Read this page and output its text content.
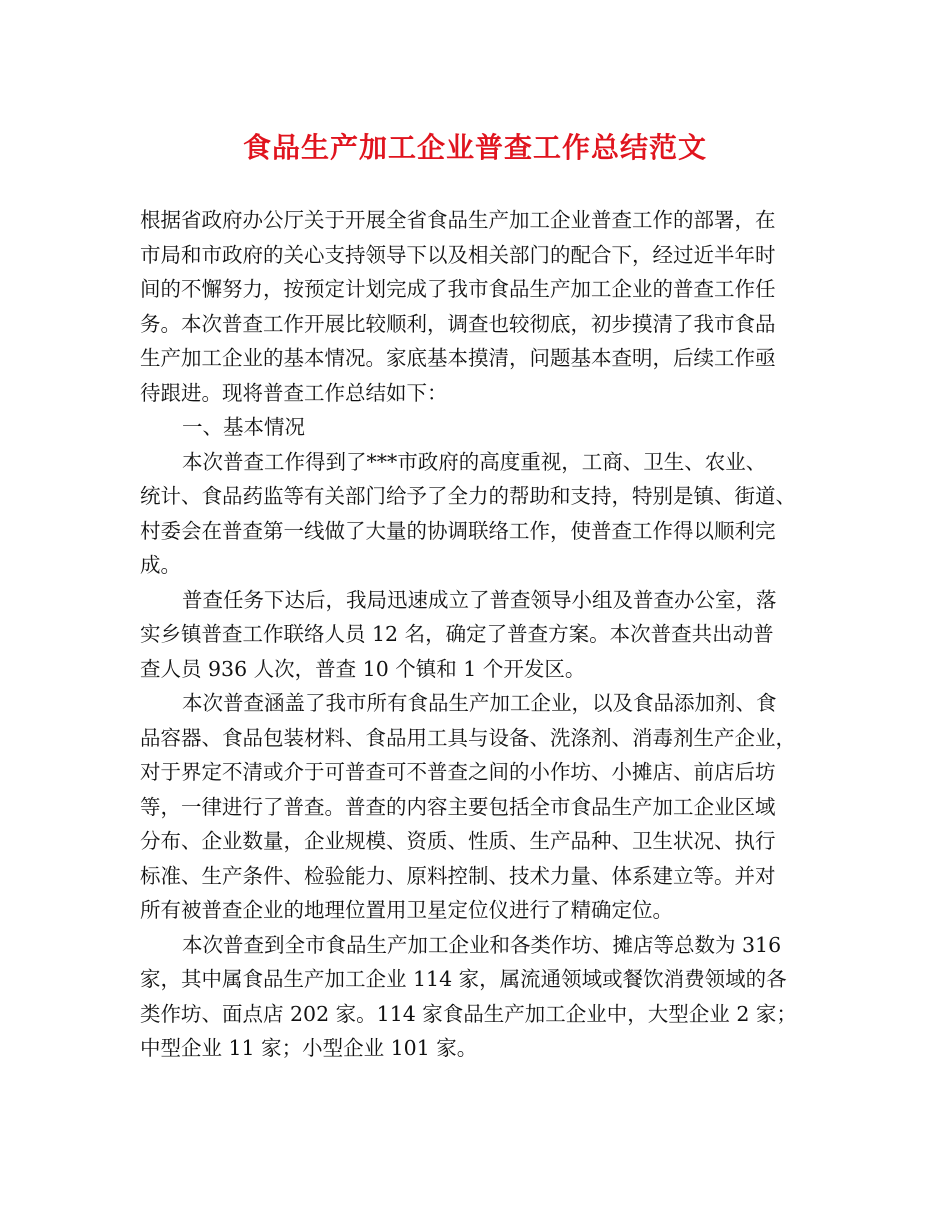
食品生产加工企业普查工作总结范文
根据省政府办公厅关于开展全省食品生产加工企业普查工作的部署，在
市局和市政府的关心支持领导下以及相关部门的配合下，经过近半年时
间的不懈努力，按预定计划完成了我市食品生产加工企业的普查工作任
务。本次普查工作开展比较顺利，调查也较彻底，初步摸清了我市食品
生产加工企业的基本情况。家底基本摸清，问题基本查明，后续工作亟
待跟进。现将普查工作总结如下：
一、基本情况
本次普查工作得到了***市政府的高度重视，工商、卫生、农业、
统计、食品药监等有关部门给予了全力的帮助和支持，特别是镇、街道、
村委会在普查第一线做了大量的协调联络工作，使普查工作得以顺利完
成。
普查任务下达后，我局迅速成立了普查领导小组及普查办公室，落
实乡镇普查工作联络人员 12 名，确定了普查方案。本次普查共出动普
查人员 936 人次，普查 10 个镇和 1 个开发区。
本次普查涵盖了我市所有食品生产加工企业，以及食品添加剂、食
品容器、食品包装材料、食品用工具与设备、洗涤剂、消毒剂生产企业，
对于界定不清或介于可普查可不普查之间的小作坊、小摊店、前店后坊
等，一律进行了普查。普查的内容主要包括全市食品生产加工企业区域
分布、企业数量，企业规模、资质、性质、生产品种、卫生状况、执行
标准、生产条件、检验能力、原料控制、技术力量、体系建立等。并对
所有被普查企业的地理位置用卫星定位仪进行了精确定位。
本次普查到全市食品生产加工企业和各类作坊、摊店等总数为 316
家，其中属食品生产加工企业 114 家，属流通领域或餐饮消费领域的各
类作坊、面点店 202 家。114 家食品生产加工企业中，大型企业 2 家；
中型企业 11 家；小型企业 101 家。
